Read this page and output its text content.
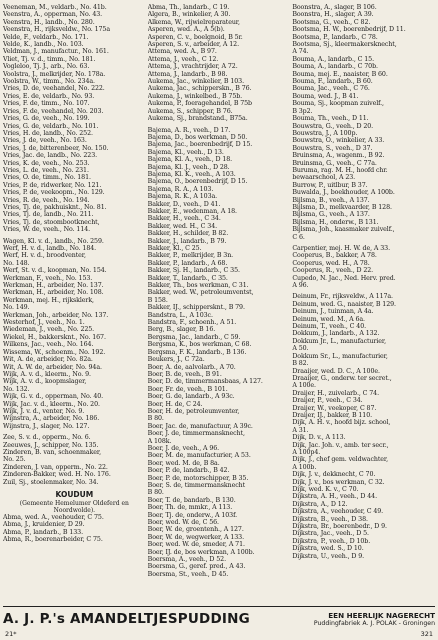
Veeneman, M., veldarb., No. 41b.
Veenstra, A., opperman, No. 43.
Veenstra, H., landb., No. 280.
Veenstra, H., rijksveldw., No. 175a
Velde, F., veldarb., No. 171.
Velde, K., landb., No. 103.
Veldman, J., manufactur., No. 161.
Vliet, Tj. v. d., timm., No. 181.
Vogleloo, Tj. J., arb., No. 63.
Voolstra, J., melkrijder, No. 178a.
Voolstra, W., timm., No. 234a.
Vries, D. de, veehandel, No. 222.
Vries, E. de, veldarb., No. 93.
Vries, F. de, timm., No. 107.
Vries, F. de, veehandel, No. 203.
Vries, G. de, veeh., No. 199.
Vries, G. de, veldarb., No. 101.
Vries, H. de, landb., No. 252.
Vries, J. de, veeh., No. 163.
Vries, J. de, bitterenbeer, No. 150.
Vries, Jac. de, landb., No. 223.
Vries, K. de, veeh., No. 253.
Vries, L. de, veeh., No. 231.
Vries, O. de, timm., No. 181.
Vries, P. de, ridwerker, No. 121.
Vries, P. de, veekoopm., No. 129.
Vries, R. de, veeh., No. 194.
Vries, Tj. de, pakhuisknt., No. 81.
Vries, Tj. de, landb., No. 211.
Vries, Tj. de, stoombootknecht,
Vries, W. de, veeh., No. 114.
Wagen, Kl. v. d., landb., No. 259.
Werf, H. v. d., landb., No. 184.
Werf, H. v. d., broodventer,
No. 148.
Werf, St. v. d., koopman, No. 154.
Werkman, F., veeh., No. 153.
Werkman, H., arbeider, No. 137.
Werkman, H., arbeider, No. 108.
Werkman, mej. H., rijksklerk,
No. 149.
Werkman, Joh., arbeider, No. 137.
Westerhof, J., veeh., No. 1.
Wiedeman, J., veeh., No. 225.
Wiekel, H., bakkersknt., No. 167.
Wilkens, Jac., veeh., No. 164.
Wissema, W., schoenm., No. 192.
Wit, A. de, arbeider, No. 82a.
Wit, A. W. de, arbeider, No. 94a.
Wijk, A. v. d., kleerm., No. 9.
Wijk, A. v. d., koopmslager,
No. 132.
Wijk, G. v. d., opperman, No. 40.
Wijk, Jac. v. d., kleerm., No. 20.
Wijk, J. v. d., venter, No. 9.
Wijnstra, A., arbeider, No. 186.
Wijnstra, J., slager, No. 127.
Zee, S. v. d., opperm., No. 6.
Zeeuwes, J., schipper, No. 135.
Zinderen, B. van, schoenmaker,
No. 25.
Zinderen, J. van, opperm., No. 22.
Zinderen-Bakker, wed. H. No. 176.
Zuil, Sj., stoelenmaker, No. 34.
KOUDUM
(Gemeente Hemelumer Oldeferd en Noordwolde).
Abma, wed. A., veehouder, C 75.
Abma, J., kruidenier, D 29.
Abma, P., landarb., B 133.
Abma, R., boerenarbeider, C 75.
Abma, Th., landarb., C 19.
Algera, B., winkelier, A 30.
Alkema, W., rijwielreparateur,
Asperen, wed. A., A 5(b).
Asperen, C. v., boelgnoid, B 5r.
Asperen, S. v., arbeider, A 12.
Attema, wed. A., B 97.
Attema, J., veeh., C 12.
Attema, J., vrachtrijder, A 72.
Attema, J., landarb., B 98.
Aukema, Jac., winkelier, B 103.
Aukema, Jac., schipperskn., B 76.
Aukema, J., winkelbed., B 75b.
Aukema, P., foeragehandel, B 75b
Aukema, S., schipper, B 76.
Aukema, Sj., brandstand., B75a.
Bajema, A. R., veeh., D 17.
Bajema, D., bos werkman, D 50.
Bajema, Jac., boerenbedrijf, D 15.
Bajema, Kl., veeh., D 13.
Bajema, Kl. A., veeh., D 18.
Bajema, Kl. J., veeh., D 28.
Bajema, Kl. K., veeh., A 103.
Bajema, O., boerenbedrijf, D 15.
Bajema, R. A., A 103.
Bajema, R. K., A 103a.
Bakker, D., veeh., D 41.
Bakker, E., wedenman, A 18.
Bakker, H., veeh., C 34.
Bakker, wed. H., C 34.
Bakker, H., schilder, B 82.
Bakker, J., landarb., B 79.
Bakker, Kl., C 25.
Bakker, P., melkrijder, B 3n.
Bakker, P., landarb., A 68.
Bakker, Sj. H., landarb., C 35.
Bakker, T., landarb., C 35.
Bakker, Th., bos werkman, C 31.
Bakker, wed. W., petroleumventst,
B 158.
Bakker, IJ., schippersknt., B 79.
Bandstra, L., A 103c.
Bandstra, F., schoenh., A 51.
Berg, B., slager, B 16.
Bergsma, Jac., landarb., C 59.
Bergsma, K., bos werkman, C 68.
Bergsma, F. K., landarb., B 136.
Beukers, J., C 72a.
Boer, A. de, aalvolarb., A 70.
Boer, B. de, veeh., B 91.
Boer, D. de, timmermansbaas, A 127.
Boer, Fr. de, veeh., B 101.
Boer, G. de, landarb., A 93c.
Boer, H. de, C 24.
Boer, H. de, petroleumventer,
B 80.
Boer, Jac. de, manufactuur, A 39c.
Boer, J. de, timmermansknecht,
A 108k.
Boer, J. de, veeh., A 96.
Boer, M. de, manufacturier, A 53.
Boer, wed. M. de, B 8a.
Boer, P. de, landarb., B 42.
Boer, P. de, motorschipper, B 35.
Boer, S. de, timmermansknecht
B 80.
Boer, T. de, bandarb., B 130.
Boer, Th. de, mmkr., A 113.
Boer, Tj. de, onderw., A 103f.
Boer, wed. W. de, C 56.
Boer, W. de, groentenh., A 127.
Boer, W. de, wegwerker, A 133.
Boer, wed. W. de, smeder, A 71.
Boer, IJ. de, bos werkman, A 100b.
Boersma, A., veeh., D 52.
Boersma, G., geref. pred., A 43.
Boersma, St., veeh., D 45.
Boonstra, A., slager, B 106.
Boonstra, H., slager, A 39.
Bootsma, G., veeh., C 82.
Bootsma, H. W., boerenbedrijf, D 11.
Bootsma, P., landarb., C 78.
Bootsma, Sj., kleermakersknecht,
A 74.
Bouma, A., landarb., C 15.
Bouma, A., landarb., C 70b.
Bouma, mej. E., naaister, B 60.
Bouma, F., landarb., B 60.
Bouma, Jac., veeh., C 76.
Bouma, wed. J., B 41.
Bouma, Sj., koopman zuivelf.,
B 3p2.
Bouma, Th., veeh., D 11.
Bouwstra, G., veeh., D 20.
Bouwstra, J., A 100p.
Bouwstra, O., winkelier, A 33.
Bouwstra, S., veeh., D 37.
Bruinsma, A., wagenm., B 92.
Bruinsma, G., veeh., C 77a.
Buruma, rag. M. H., hoofd chr.
bewaarschool, A 23.
Burrow, P., uitlbur, B 37.
Buwalda, J., boekhouder, A 100b.
Bijlsma, B., veeh., A 137.
Bijlsma, D., melkvaarder, B 128.
Bijlsma, G., veeh., A 137.
Bijlsma, H., onderw., B 131.
Bijlsma, Joh., kaasmaker zuivelf.,
C 6.
Carpentier, mej. H. W. de, A 33.
Cooperus, B., bakker, A 78.
Cooperus, wed. H., A 78.
Cooperus, R., veeh., D 22.
Cupedo, N. Jac., Ned. Herv. pred.
A 96.
Deinum, Fr., rijksveldw., A 117a.
Deinum, wed. G., naaister, B 129.
Deinum, J., tuinman, A 4a.
Deinum, wed. M., A 6a.
Deinum, T., veeh., C 40.
Dokkum, J., landarb., A 132.
Dokkum Jr., L., manufacturier,
A 50.
Dokkum Sr., L., manufacturier,
B 82.
Draaijer, wed. D. C., A 100e.
Draaijer, G., onderw. ter secret.,
A 100e.
Draijer, H., zuivelarb., C 74.
Draijer, P., veeh., C 34.
Draijer, W., veekoper, C 87.
Draijer, IJ., bakker, B 110.
Dijk, A. H. v., hoofd bijz. school,
A 31.
Dijk, D. v., A 113.
Dijk, Jac. Joh. v., amb. ter secr.,
A 100p4.
Dijk, J., chef gem. veldwachter,
A 100b.
Dijk, J. v., dekknecht, C 70.
Dijk, J. v., bos werkman, C 32.
Dijk, wed. K. v., C 70.
Dijkstra, A. H., veeh., D 44.
Dijkstra, A., D 12.
Dijkstra, A., veehouder, C 49.
Dijkstra, B., veeh., D 38.
Dijkstra, Br., boerenbedr., D 9.
Dijkstra, Jac., veeh., D 5.
Dijkstra, P., veeh., D 10b.
Dijkstra, wed. S., D 10.
Dijkstra, U., veeh., D 9.
A. J. P.'s AMANDELTJESPUDDING	EEN HEERLIJK NAGERECHT
Puddingfabriek A. J. POLAK - Groningen
21*	321
